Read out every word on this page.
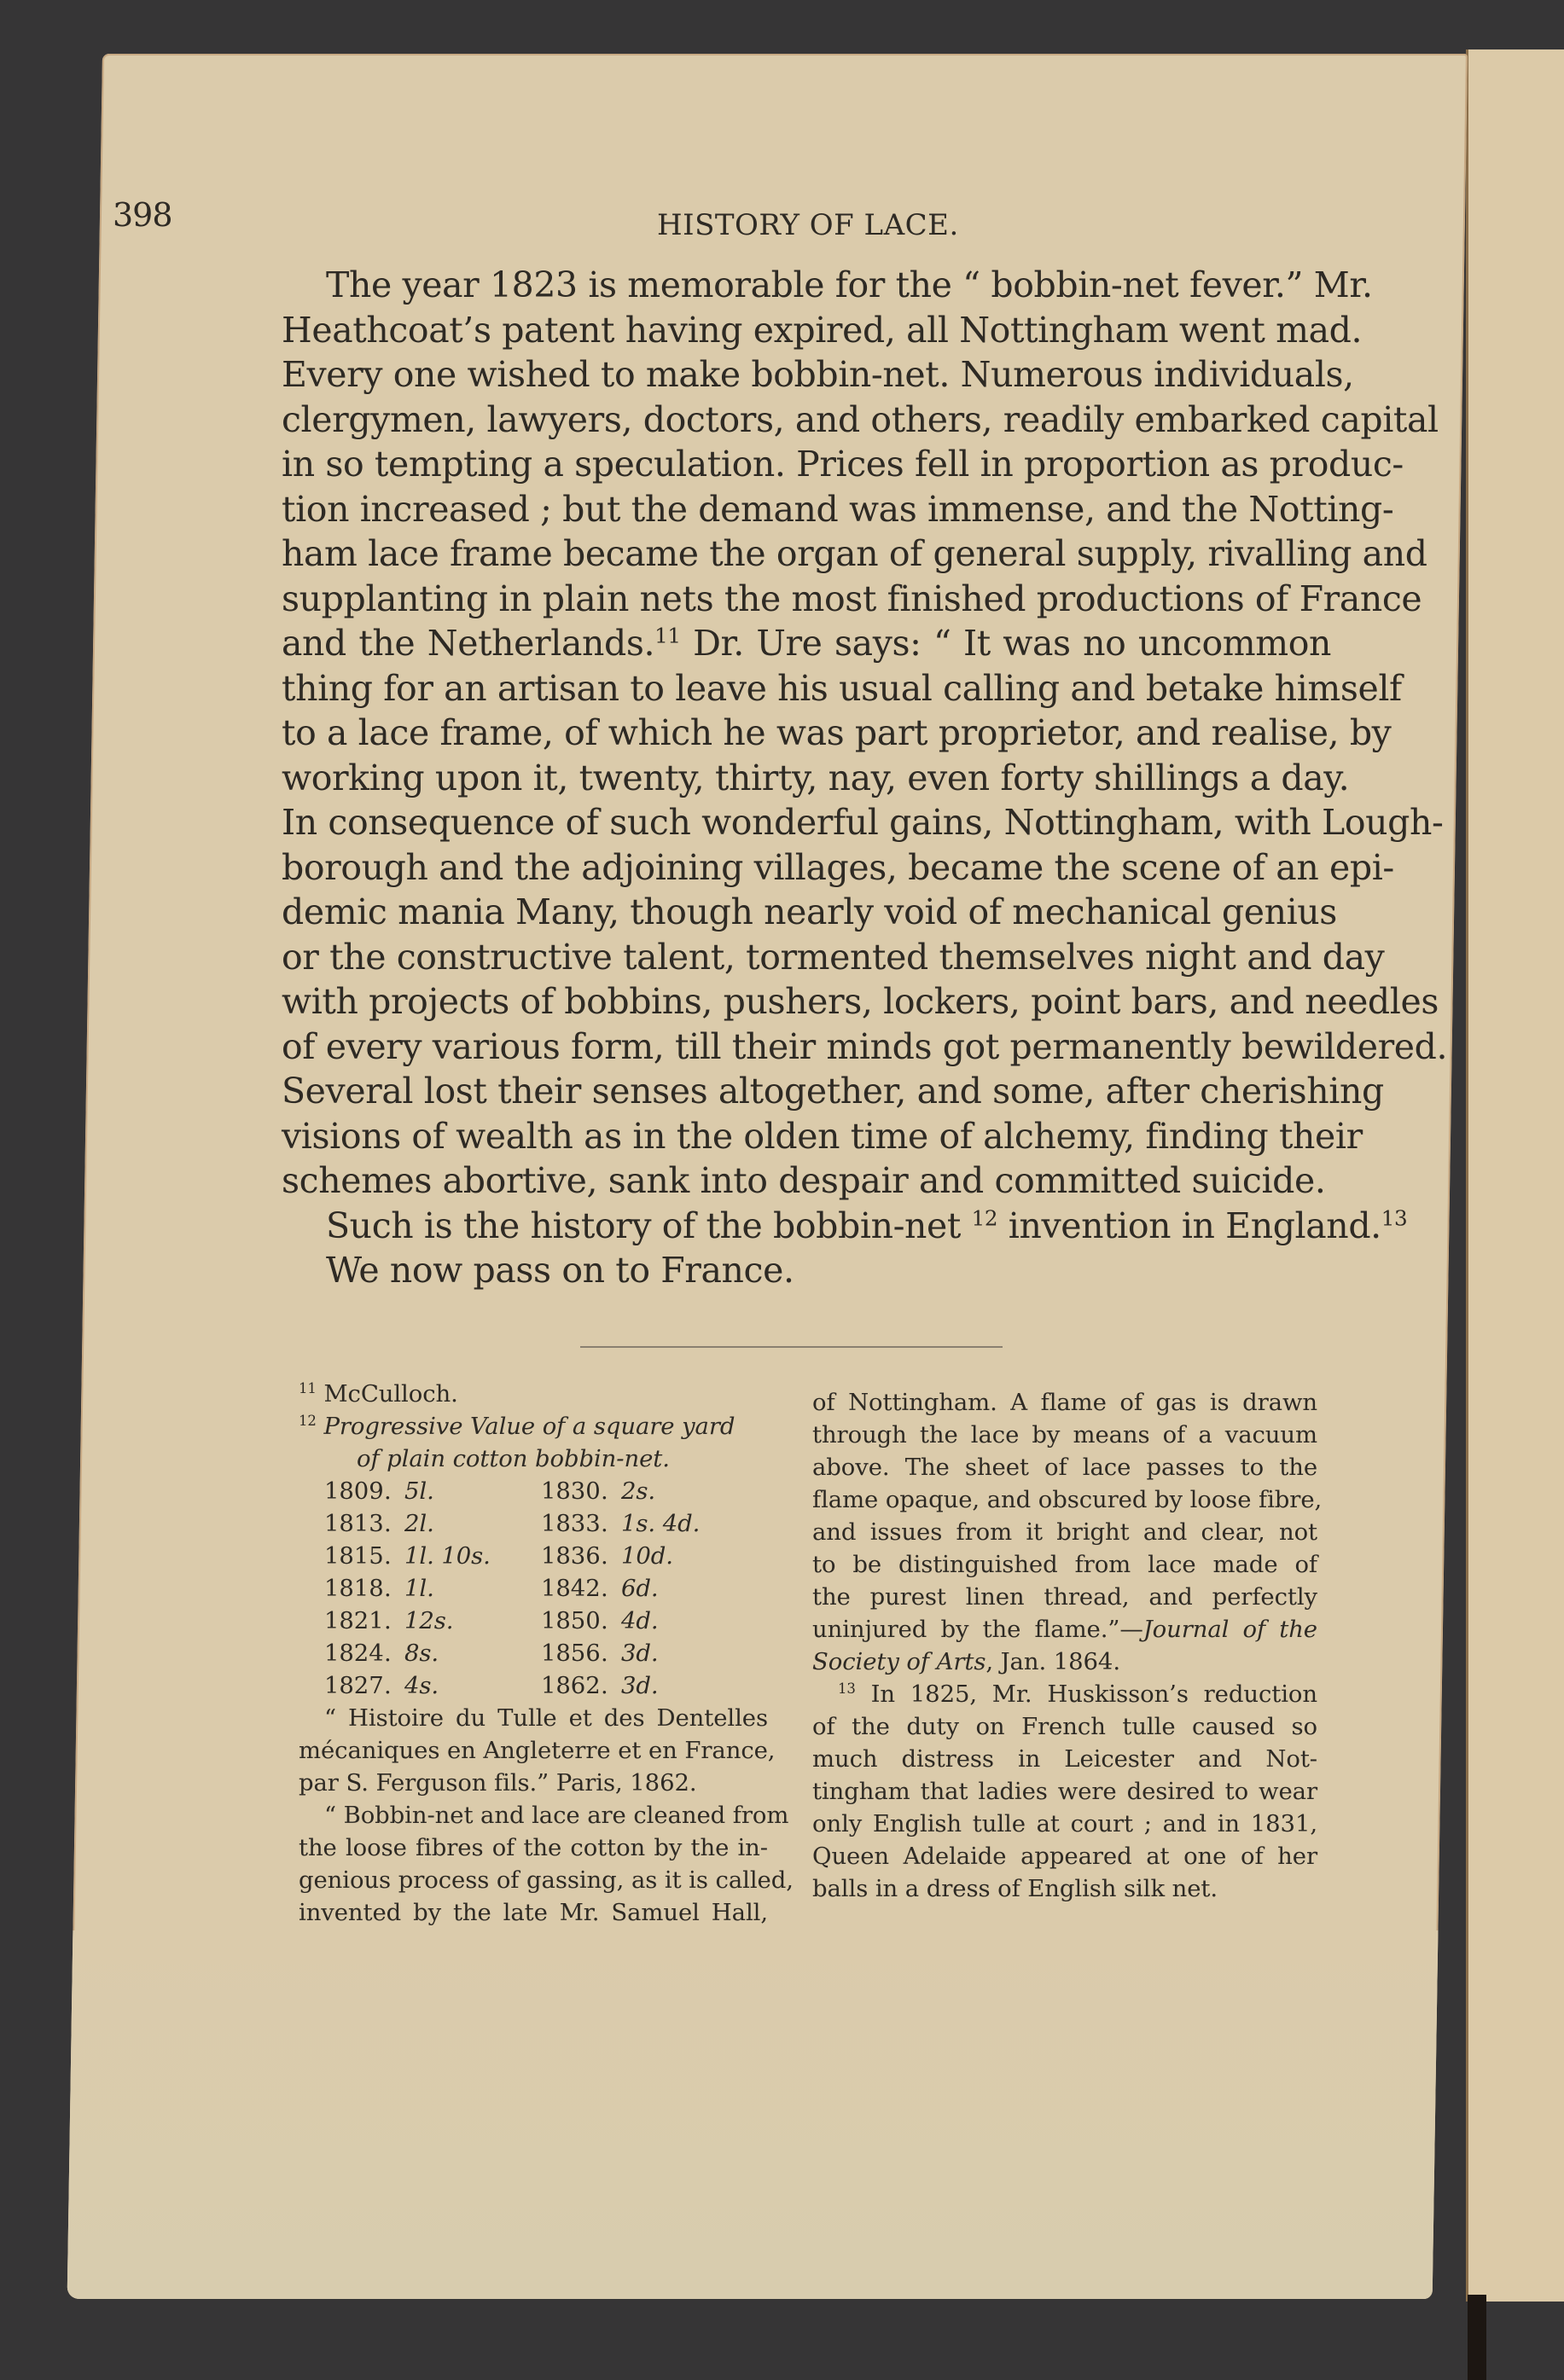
398	HISTORY OF LACE.
The year 1823 is memorable for the “ bobbin-net fever.” Mr.
Heathcoat’s patent having expired, all Nottingham went mad.
Every one wished to make bobbin-net. Numerous individuals,
clergymen, lawyers, doctors, and others, readily embarked capital
in so tempting a speculation. Prices fell in proportion as produc-
tion increased ; but the demand was immense, and the Notting-
ham lace frame became the organ of general supply, rivalling and
supplanting in plain nets the most finished productions of France
and the Netherlands.$^{11}$ Dr. Ure says: “ It was no uncommon
thing for an artisan to leave his usual calling and betake himself
to a lace frame, of which he was part proprietor, and realise, by
working upon it, twenty, thirty, nay, even forty shillings a day.
In consequence of such wonderful gains, Nottingham, with Lough-
borough and the adjoining villages, became the scene of an epi-
demic mania Many, though nearly void of mechanical genius
or the constructive talent, tormented themselves night and day
with projects of bobbins, pushers, lockers, point bars, and needles
of every various form, till their minds got permanently bewildered.
Several lost their senses altogether, and some, after cherishing
visions of wealth as in the olden time of alchemy, finding their
schemes abortive, sank into despair and committed suicide.
Such is the history of the bobbin-net $^{12}$ invention in England.$^{13}$
We now pass on to France.
$^{11}$ McCulloch.
$^{12}$ Progressive Value of a square yard
of plain cotton bobbin-net.
1809 . 5l.	1830 . 2s.
1813 . 2l.	1833 . 1s. 4d.
1815 . 1l. 10s.	1836 . 10d.
1818 . 1l.	1842 . 6d.
1821 . 12s.	1850 . 4d.
1824 . 8s.	1856 . 3d.
1827 . 4s.	1862 . 3d.
“ Histoire du Tulle et des Dentelles
mécaniques en Angleterre et en France,
par S. Ferguson fils.” Paris, 1862.
“ Bobbin-net and lace are cleaned from
the loose fibres of the cotton by the in-
genious process of gassing, as it is called,
invented by the late Mr. Samuel Hall,
of Nottingham. A flame of gas is drawn
through the lace by means of a vacuum
above. The sheet of lace passes to the
flame opaque, and obscured by loose fibre,
and issues from it bright and clear, not
to be distinguished from lace made of
the purest linen thread, and perfectly
uninjured by the flame.”—Journal of the
Society of Arts, Jan. 1864.
$^{13}$ In 1825, Mr. Huskisson’s reduction
of the duty on French tulle caused so
much distress in Leicester and Not-
tingham that ladies were desired to wear
only English tulle at court ; and in 1831,
Queen Adelaide appeared at one of her
balls in a dress of English silk net.
